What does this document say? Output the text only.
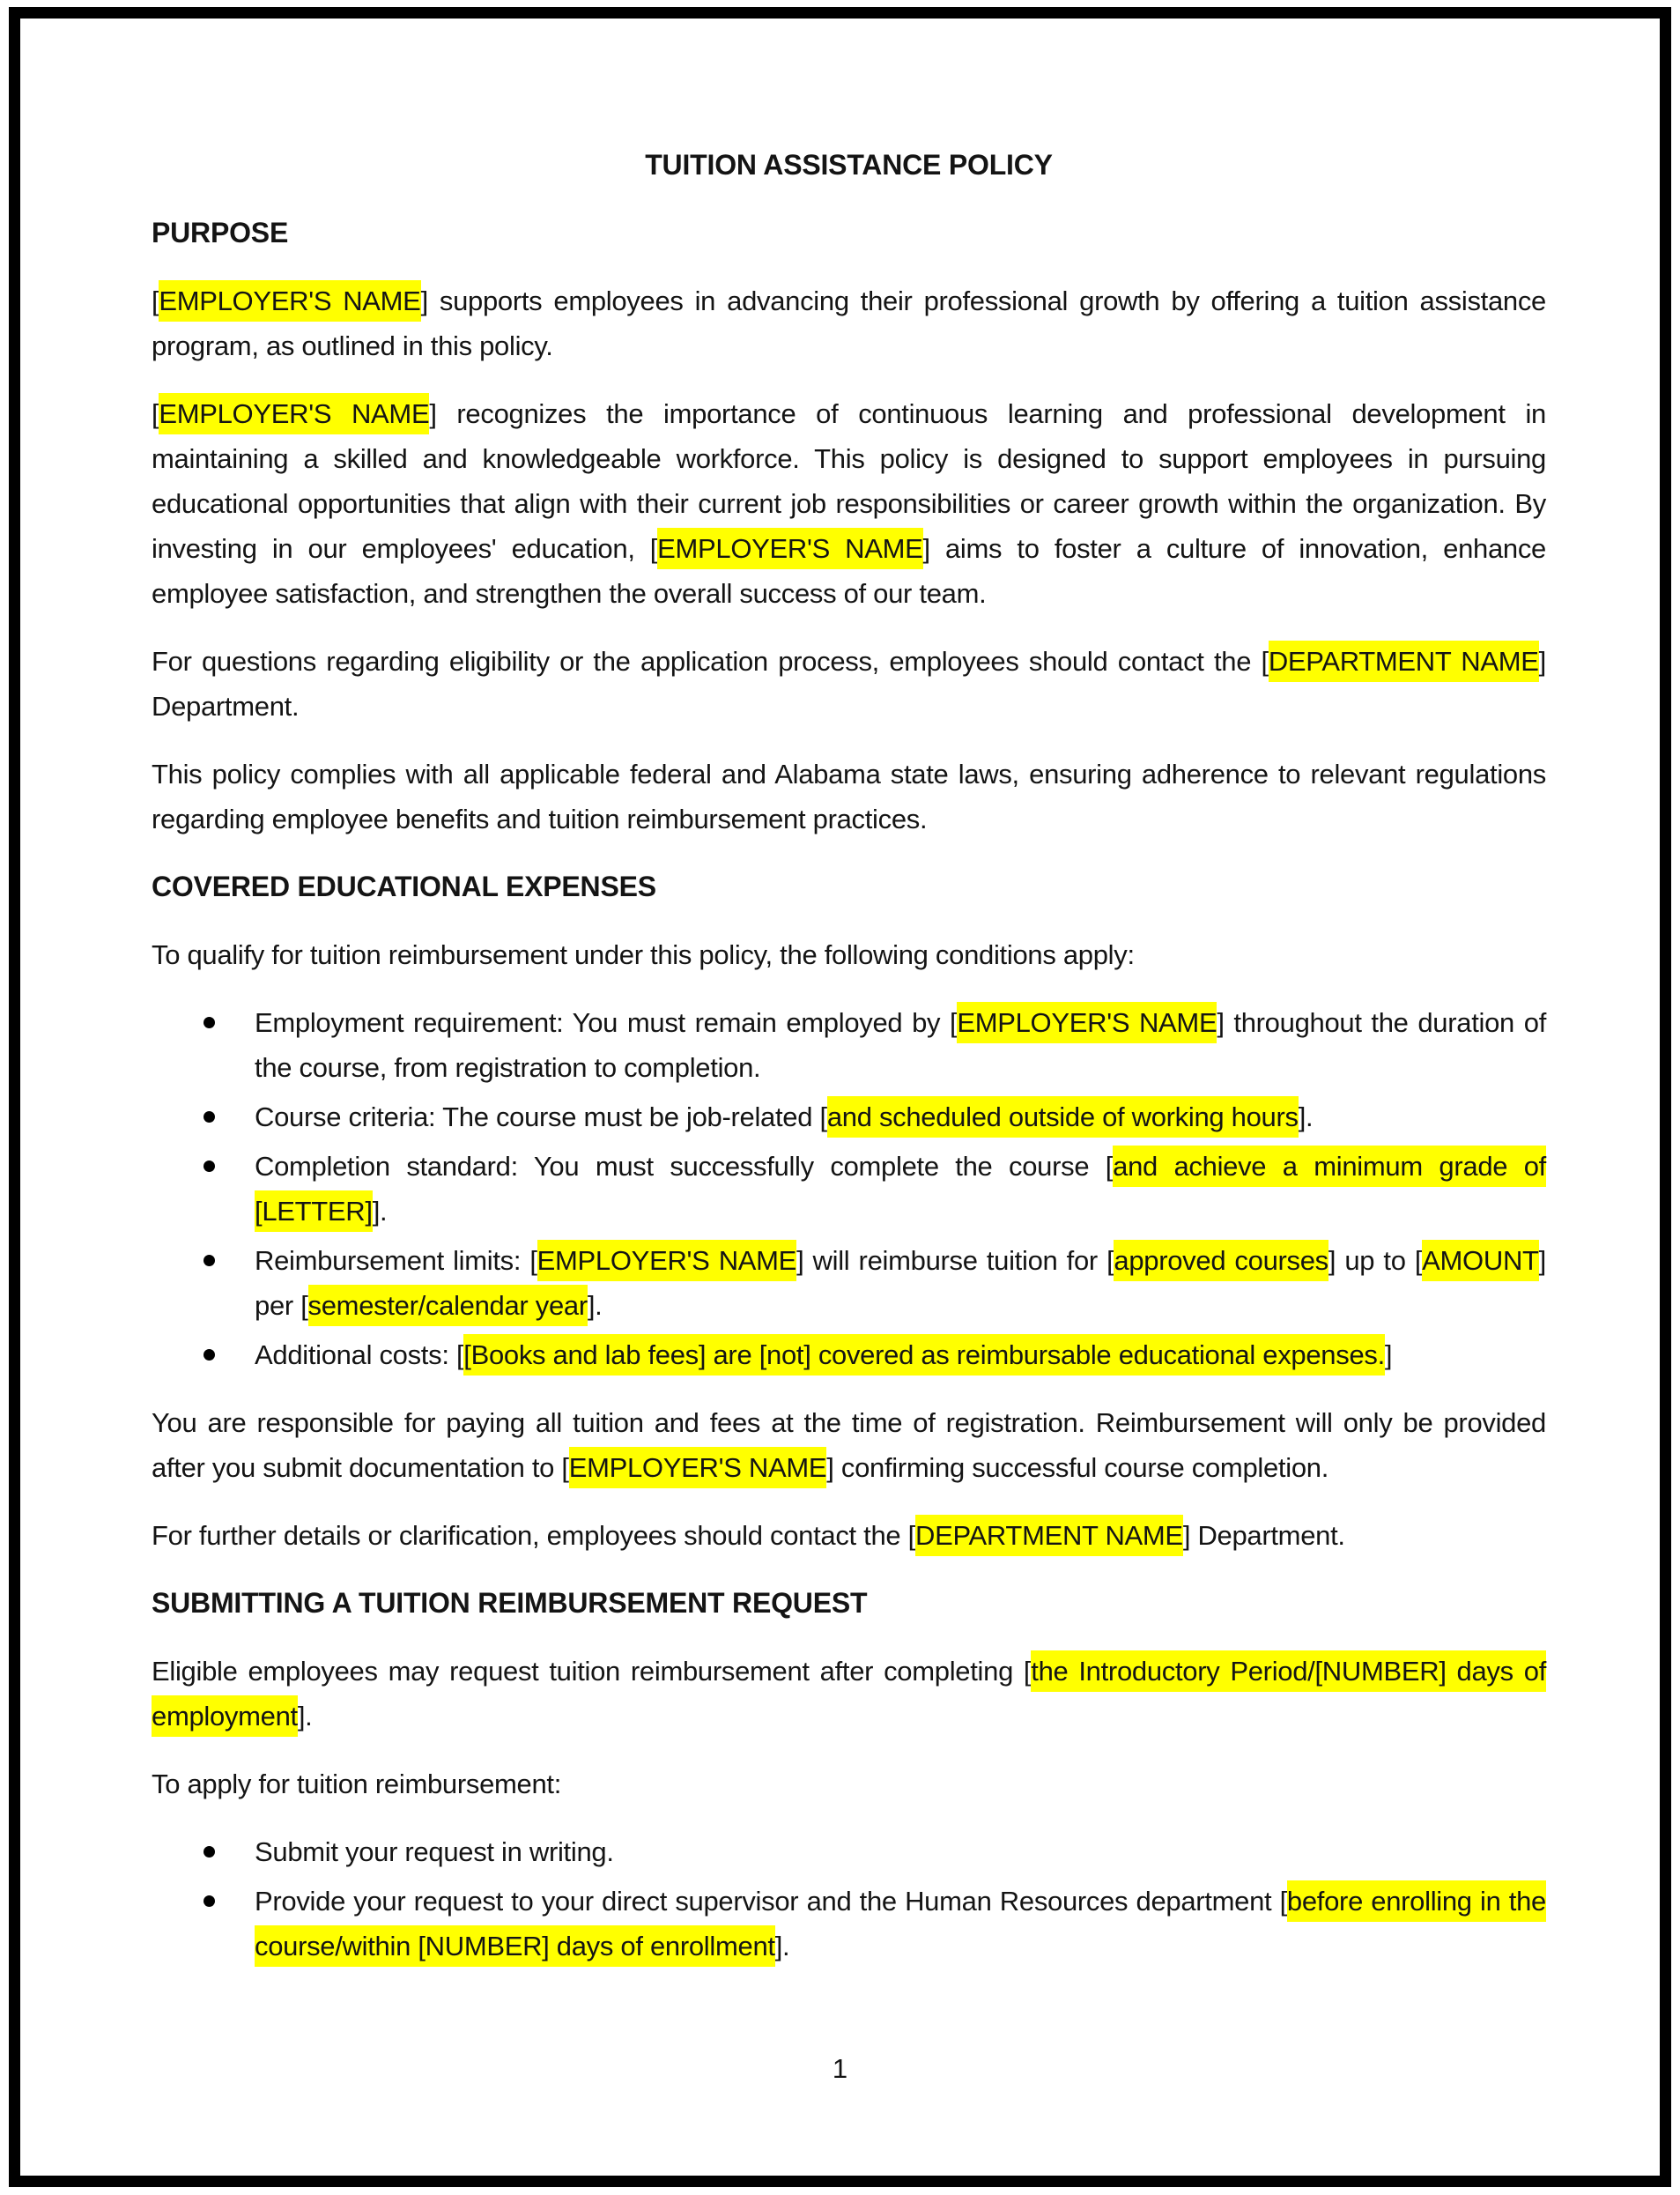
TUITION ASSISTANCE POLICY
PURPOSE

[EMPLOYER'S NAME] supports employees in advancing their professional growth by offering a tuition assistance program, as outlined in this policy.

[EMPLOYER'S NAME] recognizes the importance of continuous learning and professional development in maintaining a skilled and knowledgeable workforce. This policy is designed to support employees in pursuing educational opportunities that align with their current job responsibilities or career growth within the organization. By investing in our employees' education, [EMPLOYER'S NAME] aims to foster a culture of innovation, enhance employee satisfaction, and strengthen the overall success of our team.

For questions regarding eligibility or the application process, employees should contact the [DEPARTMENT NAME] Department.

This policy complies with all applicable federal and Alabama state laws, ensuring adherence to relevant regulations regarding employee benefits and tuition reimbursement practices.

COVERED EDUCATIONAL EXPENSES

To qualify for tuition reimbursement under this policy, the following conditions apply:

Employment requirement: You must remain employed by [EMPLOYER'S NAME] throughout the duration of the course, from registration to completion.
Course criteria: The course must be job-related [and scheduled outside of working hours].
Completion standard: You must successfully complete the course [and achieve a minimum grade of [LETTER]].
Reimbursement limits: [EMPLOYER'S NAME] will reimburse tuition for [approved courses] up to [AMOUNT] per [semester/calendar year].
Additional costs: [[Books and lab fees] are [not] covered as reimbursable educational expenses.]

You are responsible for paying all tuition and fees at the time of registration. Reimbursement will only be provided after you submit documentation to [EMPLOYER'S NAME] confirming successful course completion.

For further details or clarification, employees should contact the [DEPARTMENT NAME] Department.

SUBMITTING A TUITION REIMBURSEMENT REQUEST

Eligible employees may request tuition reimbursement after completing [the Introductory Period/[NUMBER] days of employment].

To apply for tuition reimbursement:

Submit your request in writing.
Provide your request to your direct supervisor and the Human Resources department [before enrolling in the course/within [NUMBER] days of enrollment].
1
